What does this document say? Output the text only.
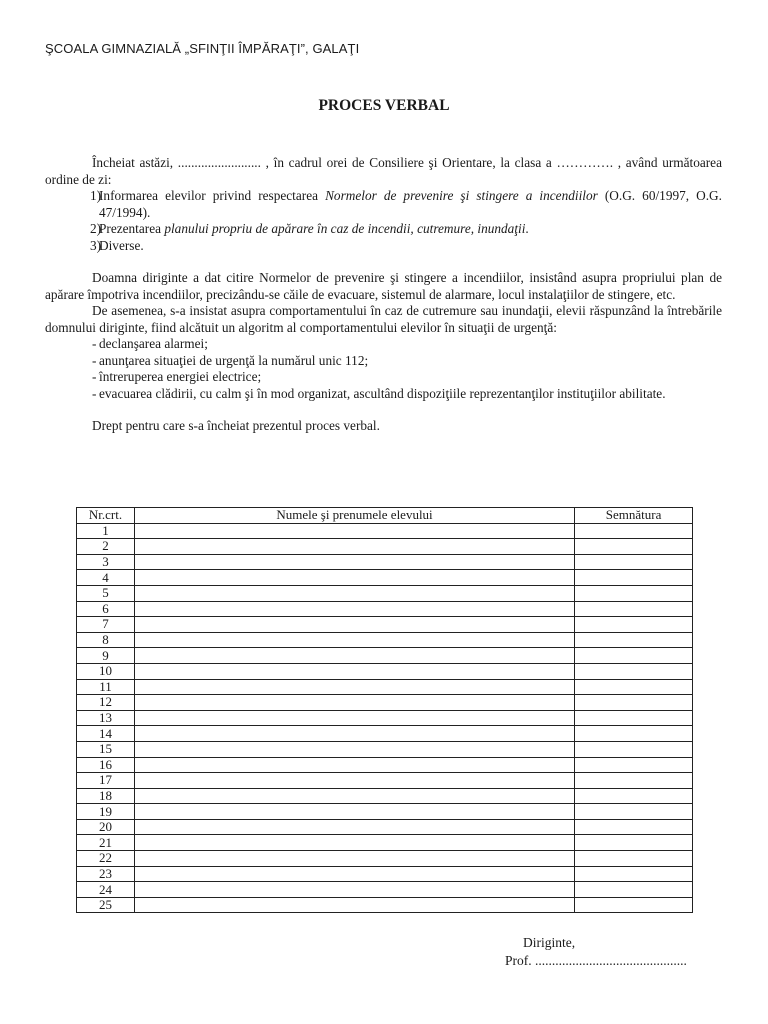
ŞCOALA GIMNAZIALĂ „SFINŢII ÎMPĂRAŢI”, GALAŢI
PROCES VERBAL

Încheiat astăzi, ......................... , în cadrul orei de Consiliere şi Orientare, la clasa a …………. , având următoarea ordine de zi:

1)
Informarea elevilor privind respectarea Normelor de prevenire şi stingere a incendiilor (O.G. 60/1997, O.G. 47/1994).
2)
Prezentarea planului propriu de apărare în caz de incendii, cutremure, inundaţii.
3)
Diverse.

Doamna diriginte a dat citire Normelor de prevenire şi stingere a incendiilor, insistând asupra propriului plan de apărare împotriva incendiilor, precizându-se căile de evacuare, sistemul de alarmare, locul instalaţiilor de stingere, etc.

De asemenea, s-a insistat asupra comportamentului în caz de cutremure sau inundaţii, elevii răspunzând la întrebările domnului diriginte, fiind alcătuit un algoritm al comportamentului elevilor în situaţii de urgenţă:

- declanşarea alarmei;
- anunţarea situaţiei de urgenţă la numărul unic 112;
- întreruperea energiei electrice;
- evacuarea clădirii, cu calm şi în mod organizat, ascultând dispoziţiile reprezentanţilor instituţiilor abilitate.

Drept pentru care s-a încheiat prezentul proces verbal.

Nr.crt.	Numele şi prenumele elevului	Semnătura
1		
2		
3		
4		
5		
6		
7		
8		
9		
10		
11		
12		
13		
14		
15		
16		
17		
18		
19		
20		
21		
22		
23		
24		
25		
Diriginte,
Prof. .............................................
